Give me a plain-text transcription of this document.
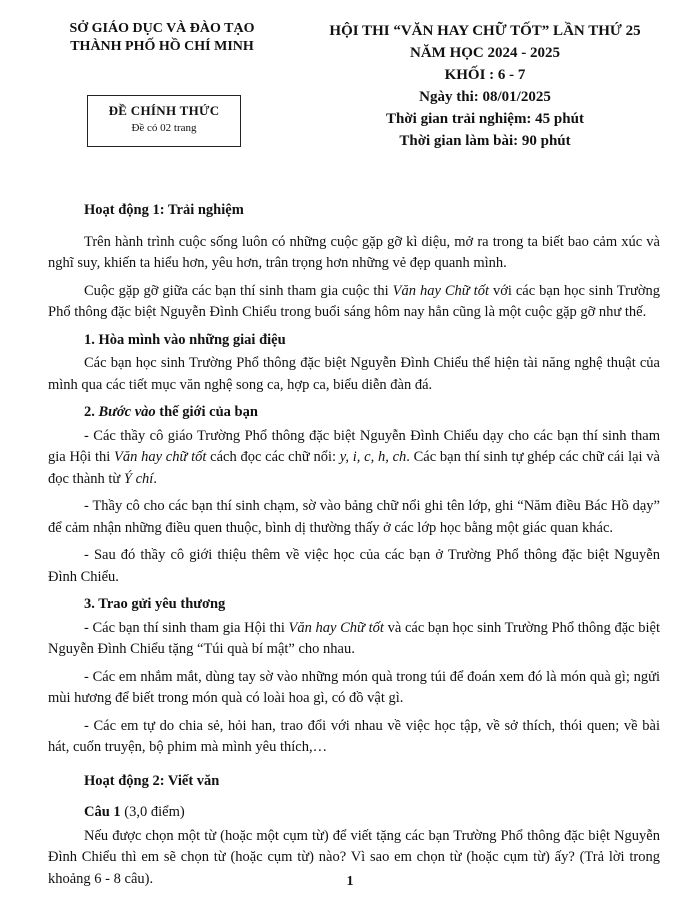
SỞ GIÁO DỤC VÀ ĐÀO TẠO
THÀNH PHỐ HỒ CHÍ MINH
ĐỀ CHÍNH THỨC
Đề có 02 trang
HỘI THI “VĂN HAY CHỮ TỐT” LẦN THỨ 25
NĂM HỌC 2024 - 2025
KHỐI : 6 - 7
Ngày thi: 08/01/2025
Thời gian trải nghiệm: 45 phút
Thời gian làm bài: 90 phút

Hoạt động 1: Trải nghiệm

Trên hành trình cuộc sống luôn có những cuộc gặp gỡ kì diệu, mở ra trong ta biết bao cảm xúc và nghĩ suy, khiến ta hiểu hơn, yêu hơn, trân trọng hơn những vẻ đẹp quanh mình.

Cuộc gặp gỡ giữa các bạn thí sinh tham gia cuộc thi Văn hay Chữ tốt với các bạn học sinh Trường Phổ thông đặc biệt Nguyễn Đình Chiểu trong buổi sáng hôm nay hẳn cũng là một cuộc gặp gỡ như thế.

1. Hòa mình vào những giai điệu

Các bạn học sinh Trường Phổ thông đặc biệt Nguyễn Đình Chiểu thể hiện tài năng nghệ thuật của mình qua các tiết mục văn nghệ song ca, hợp ca, biểu diễn đàn đá.

2. Bước vào thế giới của bạn

- Các thầy cô giáo Trường Phổ thông đặc biệt Nguyễn Đình Chiểu dạy cho các bạn thí sinh tham gia Hội thi Văn hay chữ tốt cách đọc các chữ nổi: y, i, c, h, ch. Các bạn thí sinh tự ghép các chữ cái lại và đọc thành từ Ý chí.

- Thầy cô cho các bạn thí sinh chạm, sờ vào bảng chữ nổi ghi tên lớp, ghi “Năm điều Bác Hồ dạy” để cảm nhận những điều quen thuộc, bình dị thường thấy ở các lớp học bằng một giác quan khác.

- Sau đó thầy cô giới thiệu thêm về việc học của các bạn ở Trường Phổ thông đặc biệt Nguyễn Đình Chiểu.

3. Trao gửi yêu thương

- Các bạn thí sinh tham gia Hội thi Văn hay Chữ tốt và các bạn học sinh Trường Phổ thông đặc biệt Nguyễn Đình Chiểu tặng “Túi quà bí mật” cho nhau.

- Các em nhắm mắt, dùng tay sờ vào những món quà trong túi để đoán xem đó là món quà gì; ngửi mùi hương để biết trong món quà có loài hoa gì, có đồ vật gì.

- Các em tự do chia sẻ, hỏi han, trao đổi với nhau về việc học tập, về sở thích, thói quen; về bài hát, cuốn truyện, bộ phim mà mình yêu thích,…

Hoạt động 2: Viết văn

Câu 1 (3,0 điểm)

Nếu được chọn một từ (hoặc một cụm từ) để viết tặng các bạn Trường Phổ thông đặc biệt Nguyễn Đình Chiểu thì em sẽ chọn từ (hoặc cụm từ) nào? Vì sao em chọn từ (hoặc cụm từ) ấy? (Trả lời trong khoảng 6 - 8 câu).	1
